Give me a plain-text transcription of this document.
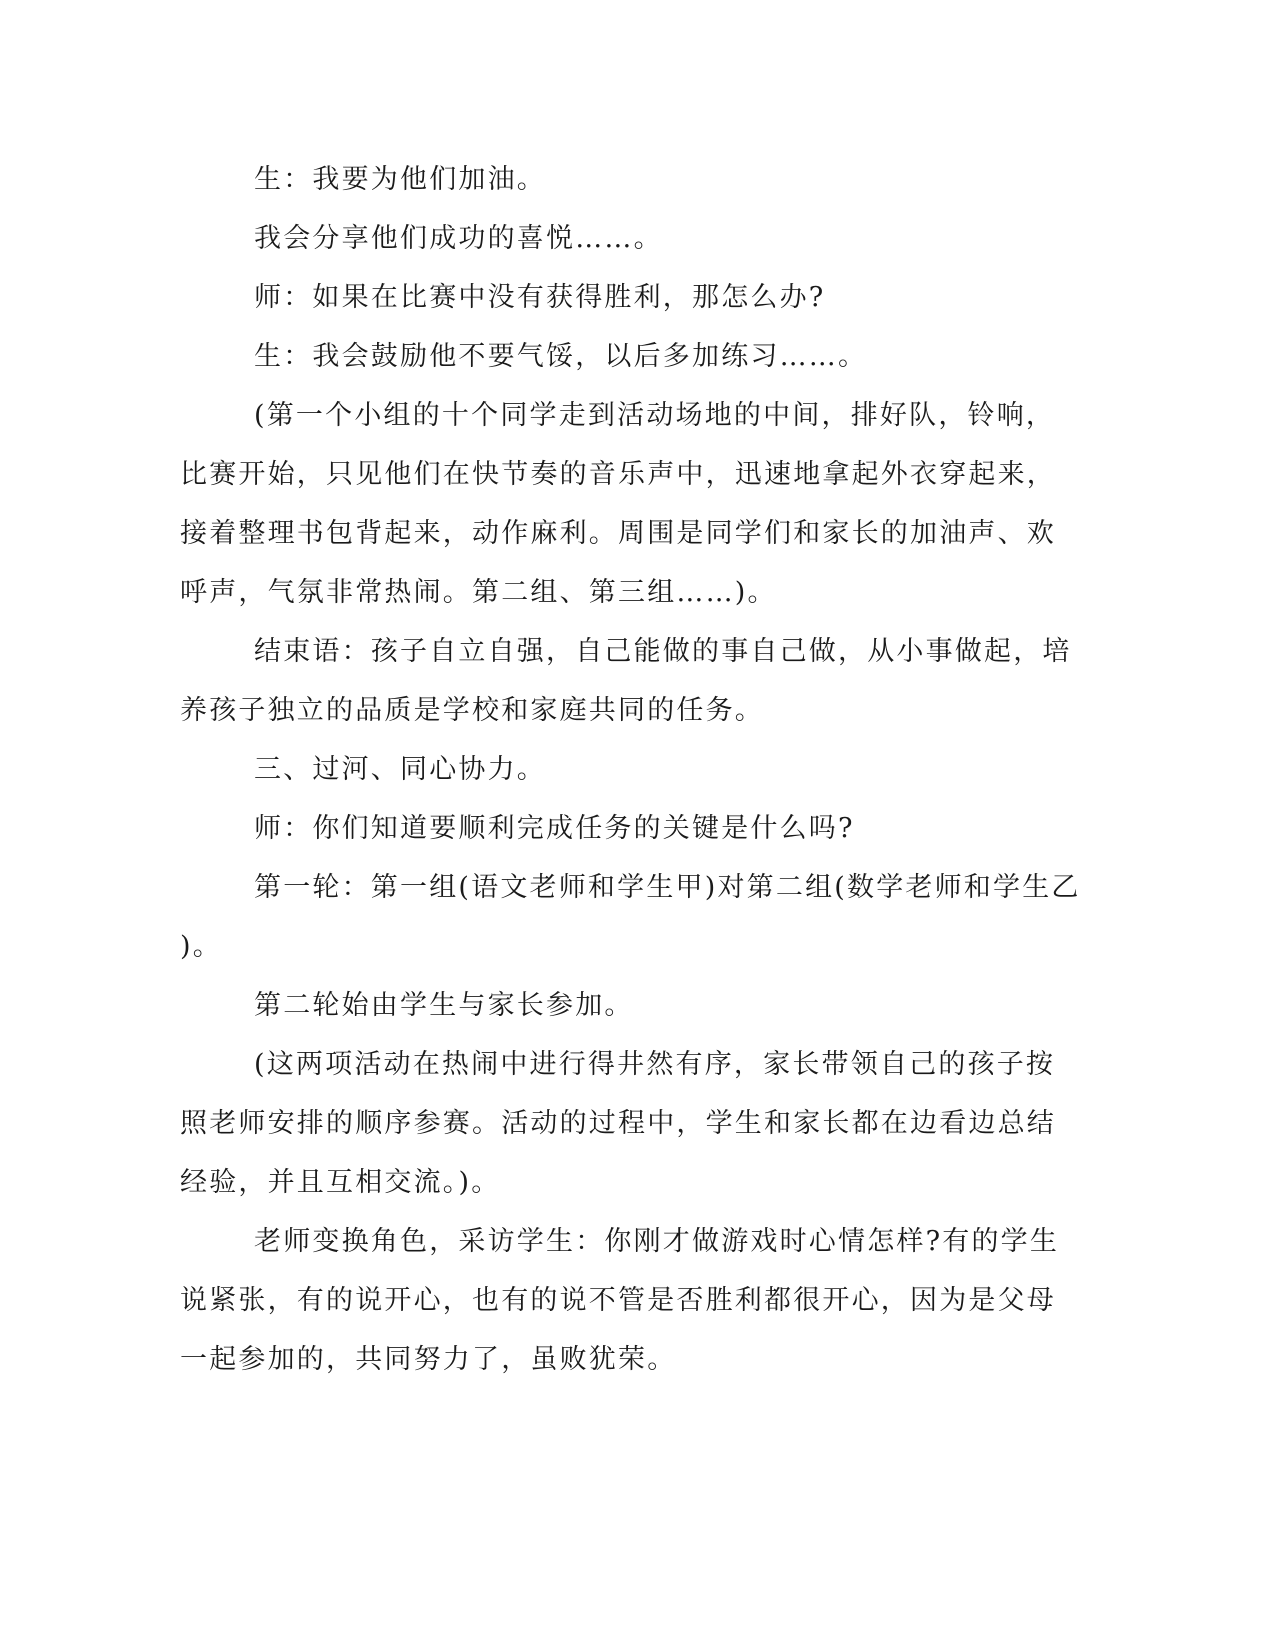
生：我要为他们加油。
我会分享他们成功的喜悦……。
师：如果在比赛中没有获得胜利，那怎么办?
生：我会鼓励他不要气馁，以后多加练习……。
(第一个小组的十个同学走到活动场地的中间，排好队，铃响，
比赛开始，只见他们在快节奏的音乐声中，迅速地拿起外衣穿起来，
接着整理书包背起来，动作麻利。周围是同学们和家长的加油声、欢
呼声，气氛非常热闹。第二组、第三组……)。
结束语：孩子自立自强，自己能做的事自己做，从小事做起，培
养孩子独立的品质是学校和家庭共同的任务。
三、过河、同心协力。
师：你们知道要顺利完成任务的关键是什么吗?
第一轮：第一组(语文老师和学生甲)对第二组(数学老师和学生乙
)。
第二轮始由学生与家长参加。
(这两项活动在热闹中进行得井然有序，家长带领自己的孩子按
照老师安排的顺序参赛。活动的过程中，学生和家长都在边看边总结
经验，并且互相交流。)。
老师变换角色，采访学生：你刚才做游戏时心情怎样?有的学生
说紧张，有的说开心，也有的说不管是否胜利都很开心，因为是父母
一起参加的，共同努力了，虽败犹荣。
